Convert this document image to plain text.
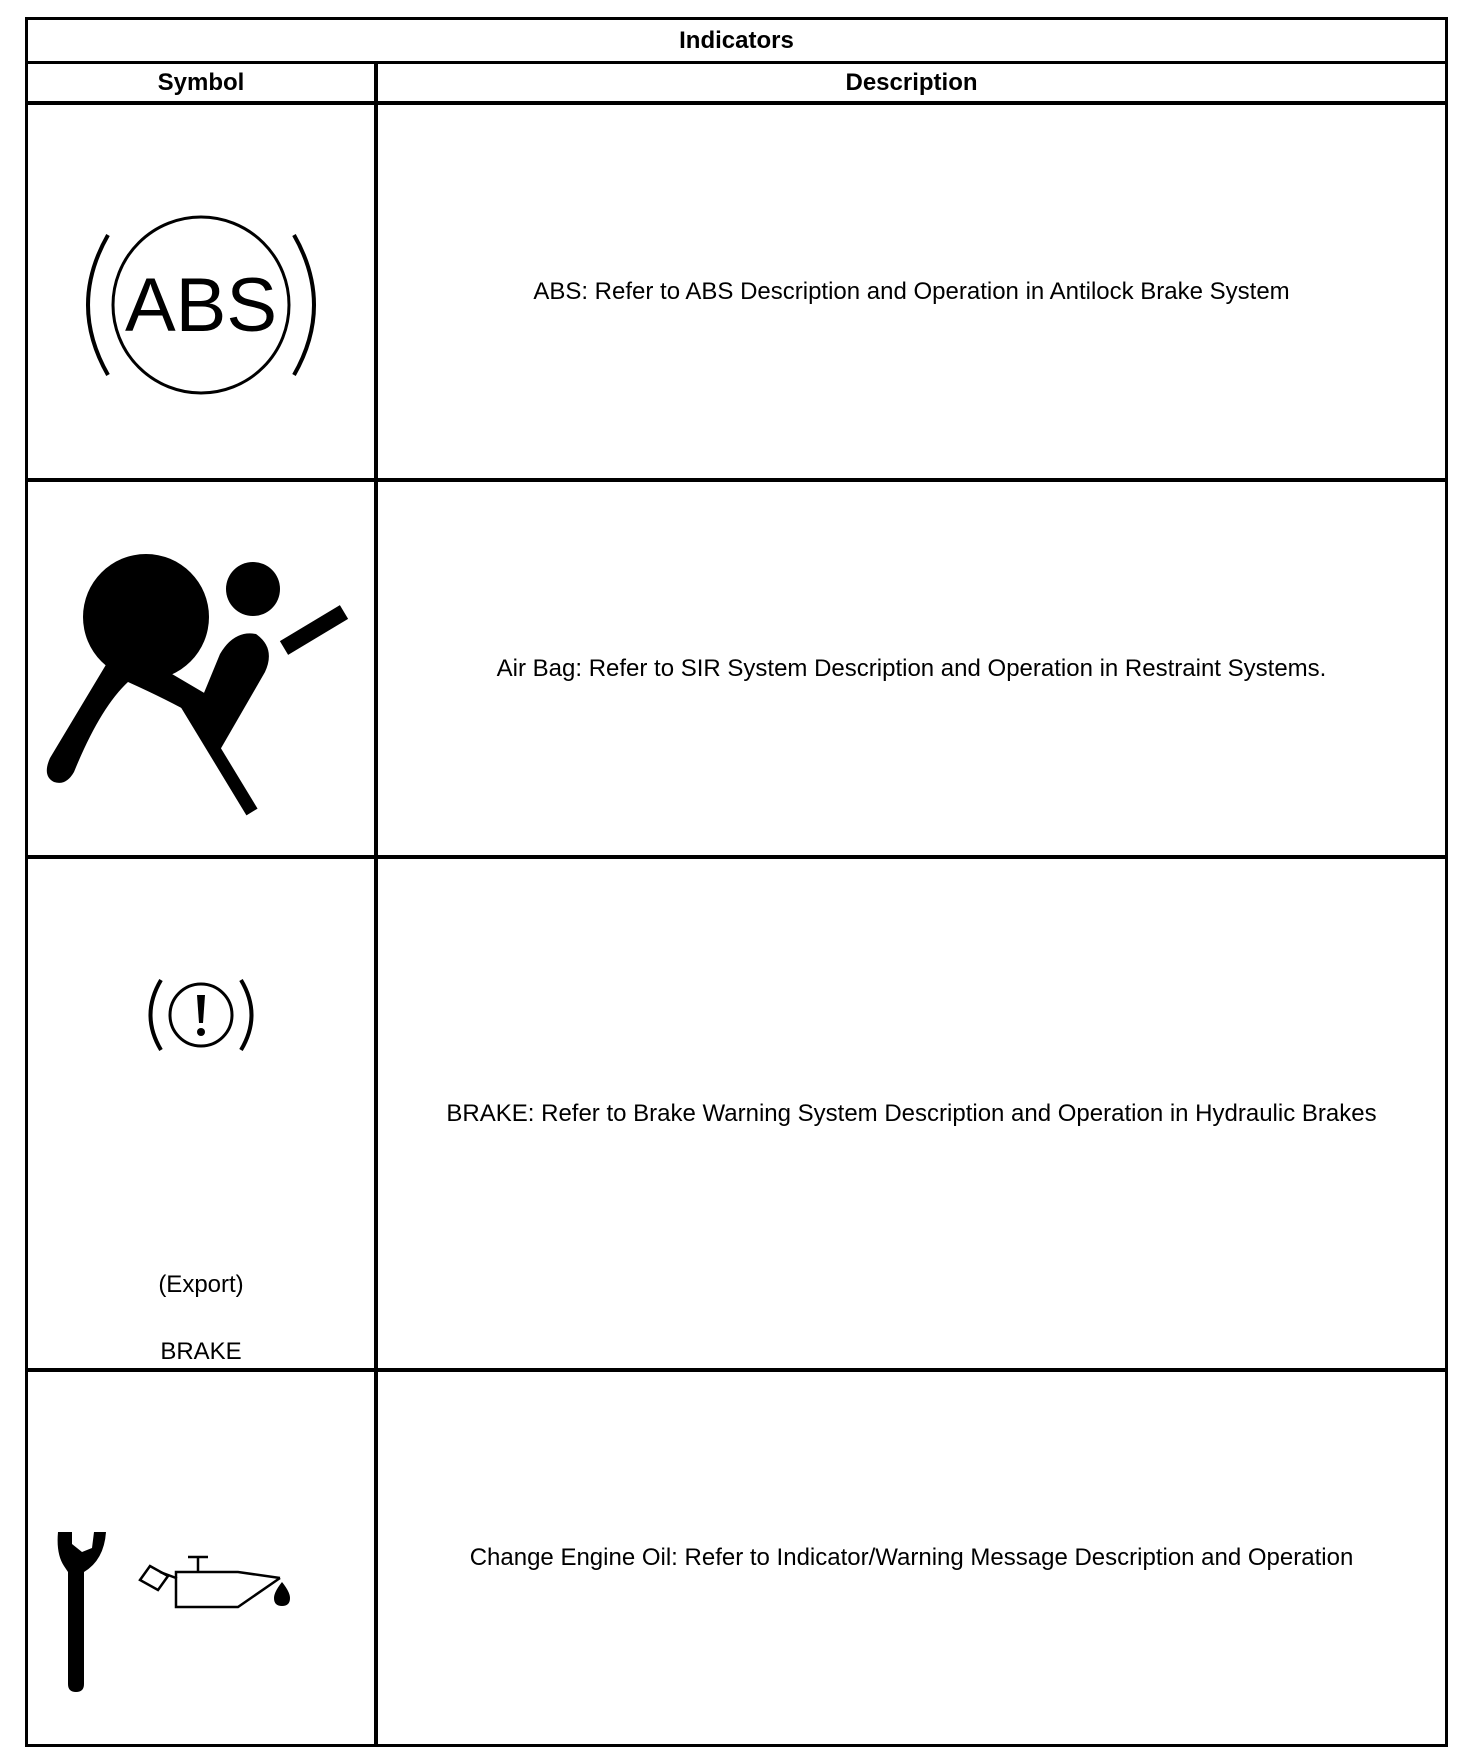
Indicators
Symbol	Description
ABS	ABS: Refer to ABS Description and Operation in Antilock Brake System
Air Bag: Refer to SIR System Description and Operation in Restraint Systems.
(Export)
BRAKE
BRAKE: Refer to Brake Warning System Description and Operation in Hydraulic Brakes
Change Engine Oil: Refer to Indicator/Warning Message Description and Operation
